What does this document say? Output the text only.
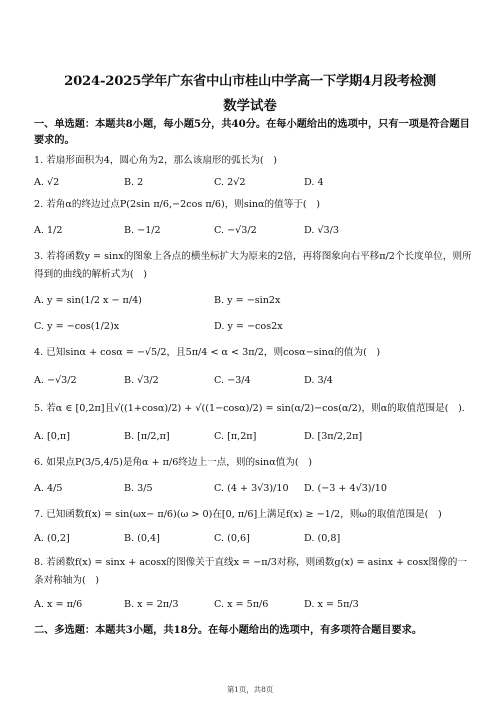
2024-2025学年广东省中山市桂山中学高一下学期4月段考检测
数学试卷
一、单选题：本题共8小题，每小题5分，共40分。在每小题给出的选项中，只有一项是符合题目要求的。
1. 若扇形面积为4，圆心角为2，那么该扇形的弧长为(　)
A. √2	B. 2	C. 2√2	D. 4
2. 若角α的终边过点P(2sin π/6,−2cos π/6)，则sinα的值等于(　)
A. 1/2	B. −1/2	C. −√3/2	D. √3/3
3. 若将函数y = sinx的图象上各点的横坐标扩大为原来的2倍，再将图象向右平移π/2个长度单位，则所得到的曲线的解析式为(　)
A. y = sin(1/2 x − π/4)	B. y = −sin2x
C. y = −cos(1/2)x	D. y = −cos2x
4. 已知sinα + cosα = −√5/2，且5π/4 < α < 3π/2，则cosα−sinα的值为(　)
A. −√3/2	B. √3/2	C. −3/4	D. 3/4
5. 若α ∈ [0,2π]且√((1+cosα)/2) + √((1−cosα)/2) = sin(α/2)−cos(α/2)，则α的取值范围是(　).
A. [0,π]	B. [π/2,π]	C. [π,2π]	D. [3π/2,2π]
6. 如果点P(3/5,4/5)是角α + π/6终边上一点，则的sinα值为(　)
A. 4/5	B. 3/5	C. (4 + 3√3)/10 D. (−3 + 4√3)/10
7. 已知函数f(x) = sin(ωx− π/6)(ω > 0)在[0, π/6]上满足f(x) ≥ −1/2，则ω的取值范围是(　)
A. (0,2]	B. (0,4]	C. (0,6]	D. (0,8]
8. 若函数f(x) = sinx + acosx的图像关于直线x = −π/3对称，则函数g(x) = asinx + cosx图像的一条对称轴为(　)
A. x = π/6	B. x = 2π/3	C. x = 5π/6	D. x = 5π/3
二、多选题：本题共3小题，共18分。在每小题给出的选项中，有多项符合题目要求。
第1页，共8页
